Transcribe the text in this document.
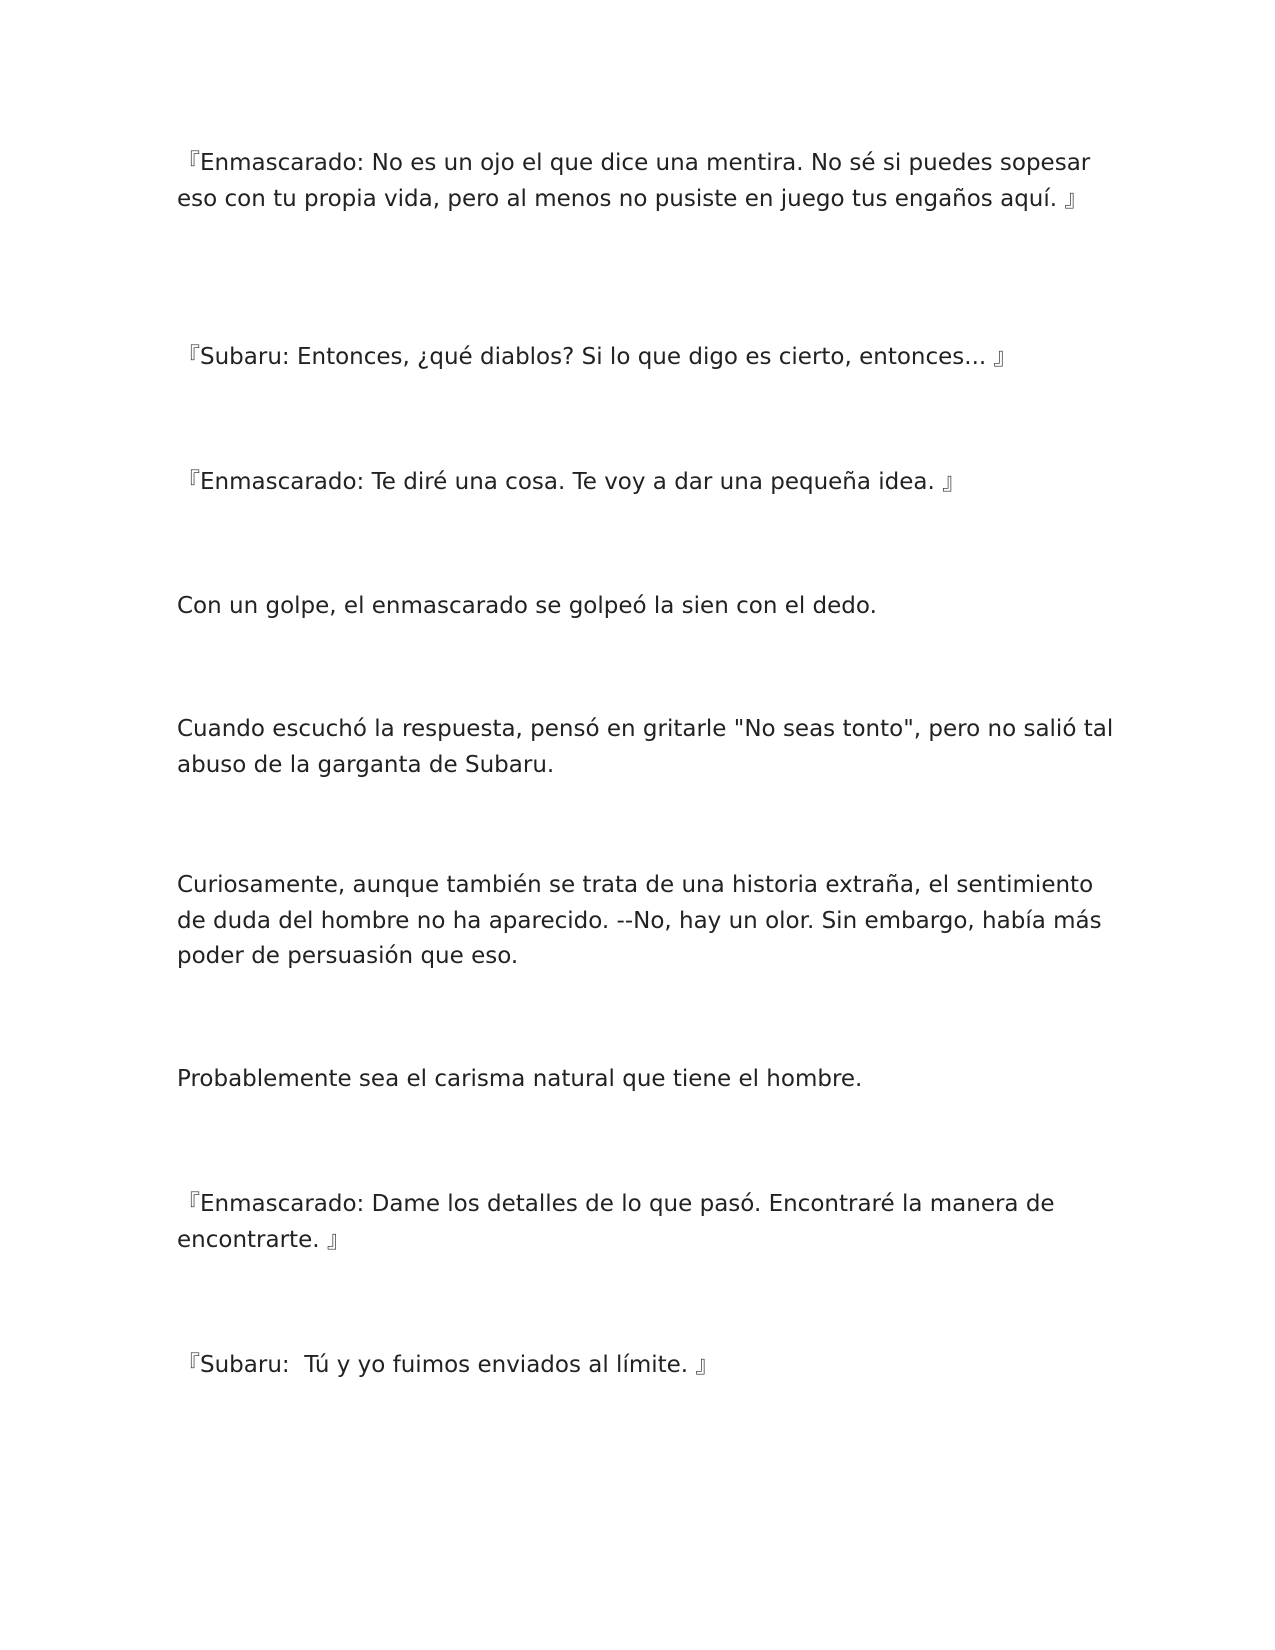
『Enmascarado: No es un ojo el que dice una mentira. No sé si puedes sopesar eso con tu propia vida, pero al menos no pusiste en juego tus engaños aquí. 』

『Subaru: Entonces, ¿qué diablos? Si lo que digo es cierto, entonces... 』

『Enmascarado: Te diré una cosa. Te voy a dar una pequeña idea. 』

Con un golpe, el enmascarado se golpeó la sien con el dedo.

Cuando escuchó la respuesta, pensó en gritarle "No seas tonto", pero no salió tal abuso de la garganta de Subaru.

Curiosamente, aunque también se trata de una historia extraña, el sentimiento de duda del hombre no ha aparecido. --No, hay un olor. Sin embargo, había más poder de persuasión que eso.

Probablemente sea el carisma natural que tiene el hombre.

『Enmascarado: Dame los detalles de lo que pasó. Encontraré la manera de encontrarte. 』

『Subaru:  Tú y yo fuimos enviados al límite. 』
